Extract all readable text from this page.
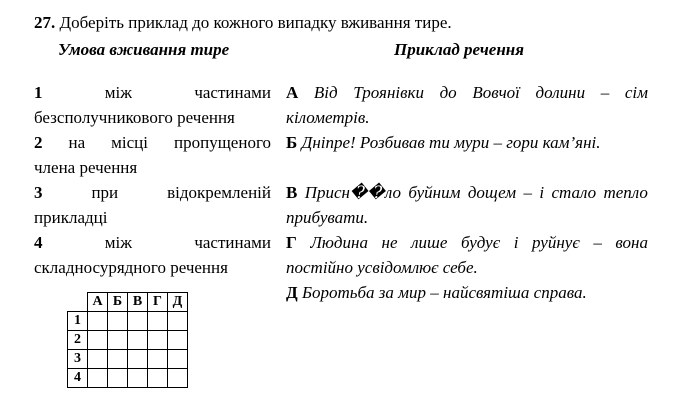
27. Доберіть приклад до кожного випадку вживання тире.
Умова вживання тире	Приклад речення
1	між	частинами
безсполучникового речення
2 на місці пропущеного
члена речення
3	при	відокремленій
прикладці
4	між	частинами
складносурядного речення
А Від Троянівки до Вовчої долини – сім
кілометрів.
Б Дніпре! Розбивав ти мури – гори кам’яні.
В Присн��ло буйним дощем – і стало тепло
прибувати.
Г Людина не лише будує і руйнує – вона
постійно усвідомлює себе.
Д Боротьба за мир – найсвятіша справа.
	А	Б	В	Г	Д
1					
2					
3					
4					
